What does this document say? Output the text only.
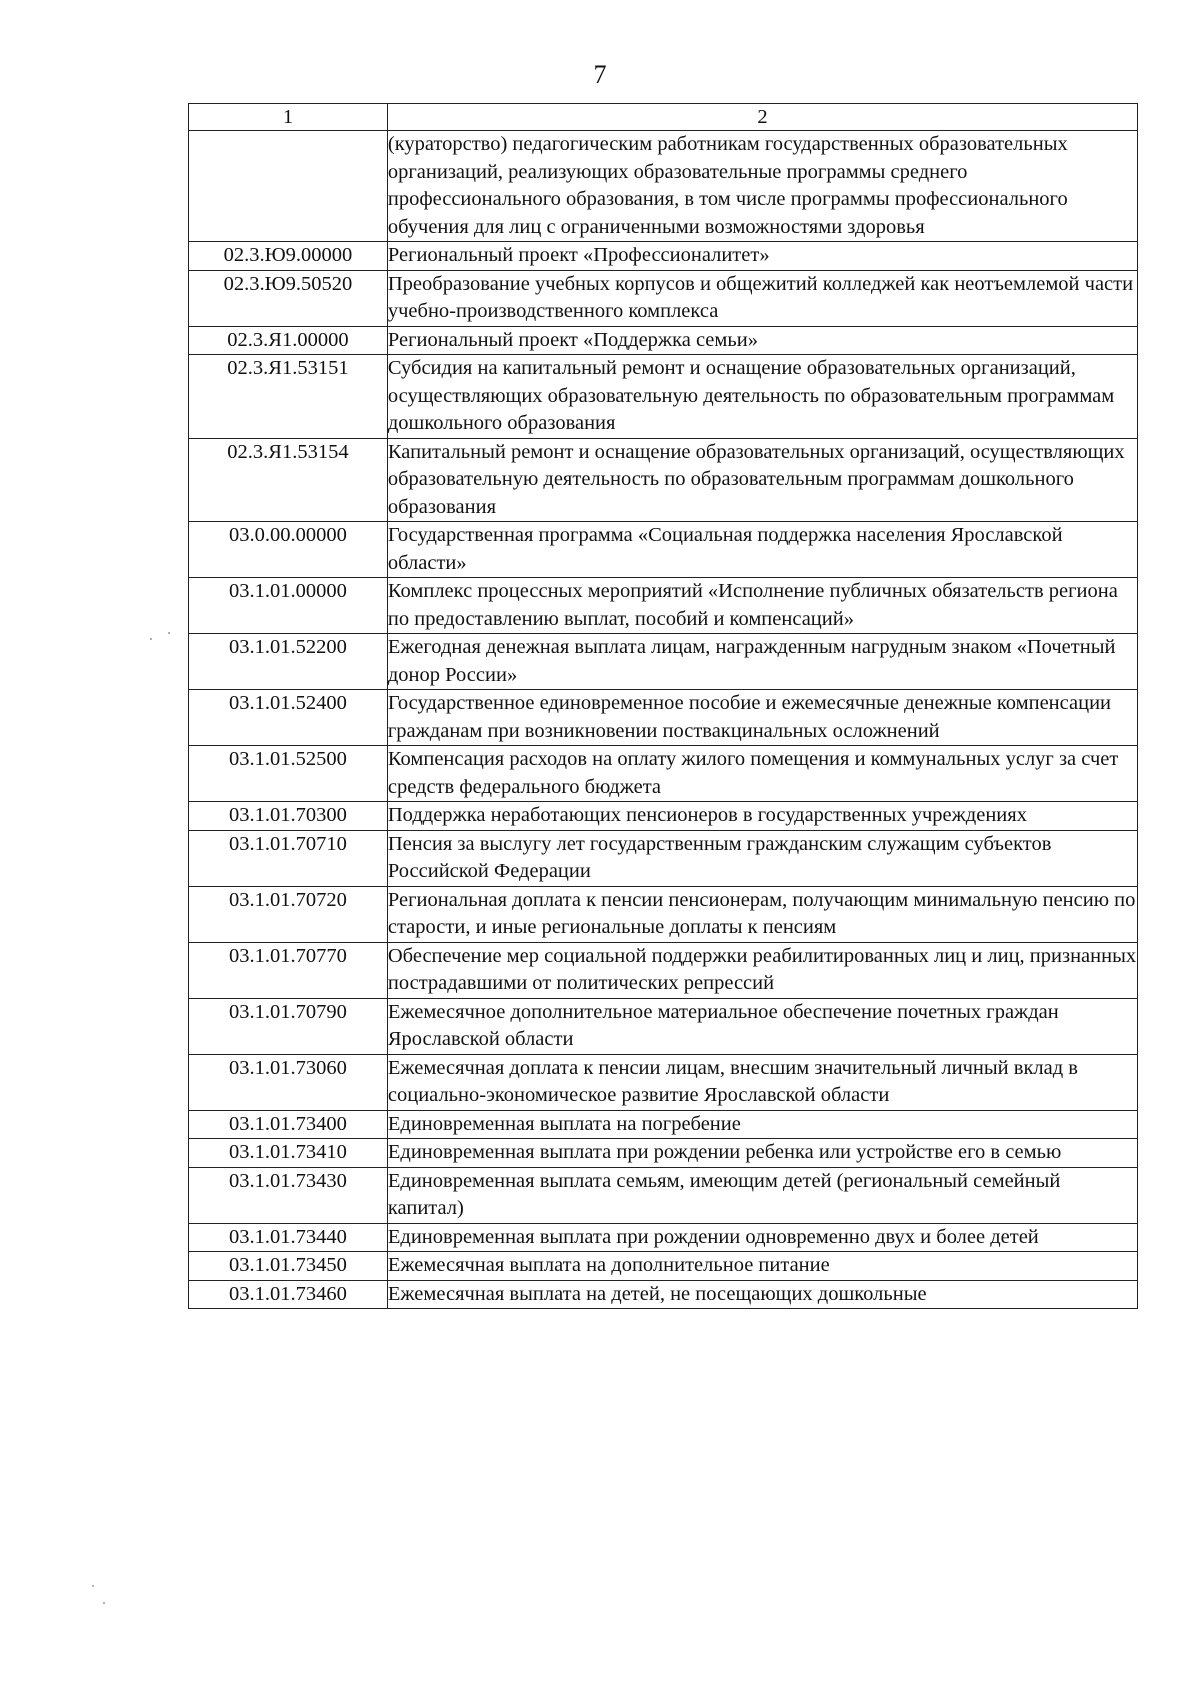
7
1	2
	(кураторство) педагогическим работникам государственных образовательных организаций, реализующих образовательные программы среднего профессионального образования, в том числе программы профессионального обучения для лиц с ограниченными возможностями здоровья
02.3.Ю9.00000	Региональный проект «Профессионалитет»
02.3.Ю9.50520	Преобразование учебных корпусов и общежитий колледжей как неотъемлемой части учебно-производственного комплекса
02.3.Я1.00000	Региональный проект «Поддержка семьи»
02.3.Я1.53151	Субсидия на капитальный ремонт и оснащение образовательных организаций, осуществляющих образовательную деятельность по образовательным программам дошкольного образования
02.3.Я1.53154	Капитальный ремонт и оснащение образовательных организаций, осуществляющих образовательную деятельность по образовательным программам дошкольного образования
03.0.00.00000	Государственная программа «Социальная поддержка населения Ярославской области»
03.1.01.00000	Комплекс процессных мероприятий «Исполнение публичных обязательств региона по предоставлению выплат, пособий и компенсаций»
03.1.01.52200	Ежегодная денежная выплата лицам, награжденным нагрудным знаком «Почетный донор России»
03.1.01.52400	Государственное единовременное пособие и ежемесячные денежные компенсации гражданам при возникновении поствакцинальных осложнений
03.1.01.52500	Компенсация расходов на оплату жилого помещения и коммунальных услуг за счет средств федерального бюджета
03.1.01.70300	Поддержка неработающих пенсионеров в государственных учреждениях
03.1.01.70710	Пенсия за выслугу лет государственным гражданским служащим субъектов Российской Федерации
03.1.01.70720	Региональная доплата к пенсии пенсионерам, получающим минимальную пенсию по старости, и иные региональные доплаты к пенсиям
03.1.01.70770	Обеспечение мер социальной поддержки реабилитированных лиц и лиц, признанных пострадавшими от политических репрессий
03.1.01.70790	Ежемесячное дополнительное материальное обеспечение почетных граждан Ярославской области
03.1.01.73060	Ежемесячная доплата к пенсии лицам, внесшим значительный личный вклад в социально-экономическое развитие Ярославской области
03.1.01.73400	Единовременная выплата на погребение
03.1.01.73410	Единовременная выплата при рождении ребенка или устройстве его в семью
03.1.01.73430	Единовременная выплата семьям, имеющим детей (региональный семейный капитал)
03.1.01.73440	Единовременная выплата при рождении одновременно двух и более детей
03.1.01.73450	Ежемесячная выплата на дополнительное питание
03.1.01.73460	Ежемесячная выплата на детей, не посещающих дошкольные
